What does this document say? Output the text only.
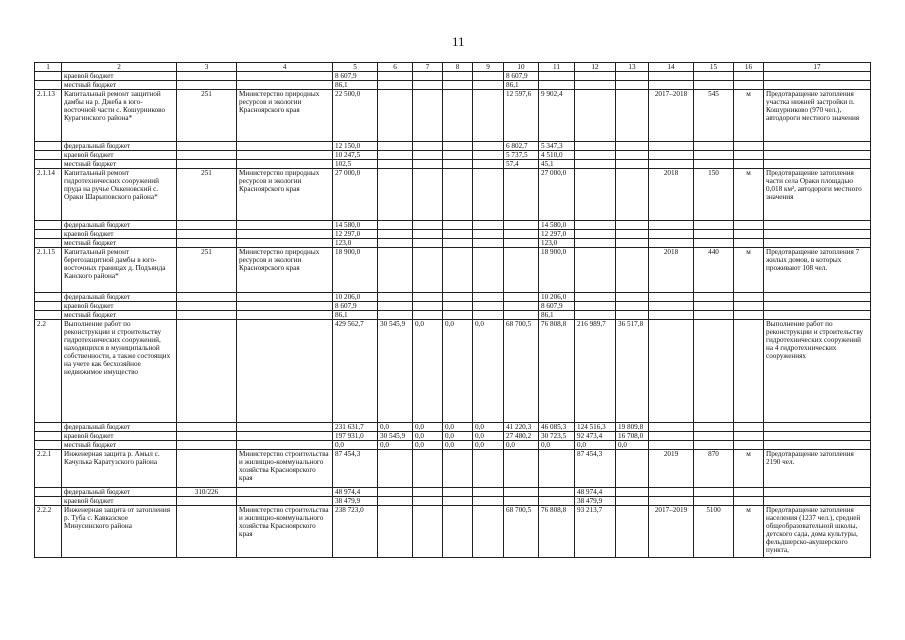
11
1	2	3	4	5	6	7	8	9	10	11	12	13	14	15	16	17
	краевой бюджет			8 607,9					8 607,9							
	местный бюджет			86,1					86,1							
2.1.13	Капитальный ремонт защитной дамбы на р. Джеба в юго-восточной части с. Кошурниково Курагинского района*	251	Министерство природных ресурсов и экологии Красноярского края	22 500,0					12 597,6	9 902,4			2017–2018	545	м	Предотвращение затопления участка нижней застройки п. Кошурниково (970 чел.), автодороги местного значения
	федеральный бюджет			12 150,0					6 802,7	5 347,3						
	краевой бюджет			10 247,5					5 737,5	4 510,0						
	местный бюджет			102,5					57,4	45,1						
2.1.14	Капитальный ремонт гидротехнических сооружений пруда на ручье Оккеновский с. Ораки Шарыповского района*	251	Министерство природных ресурсов и экологии Красноярского края	27 000,0						27 000,0			2018	150	м	Предотвращение затопления части села Ораки площадью 0,018 км², автодороги местного значения
	федеральный бюджет			14 580,0						14 580,0						
	краевой бюджет			12 297,0						12 297,0						
	местный бюджет			123,0						123,0						
2.1.15	Капитальный ремонт берегозащитной дамбы в юго-восточных границах д. Подъянда Канского района*	251	Министерство природных ресурсов и экологии Красноярского края	18 900,0						18 900,0			2018	440	м	Предотвращение затопления 7 жилых домов, в которых проживают 108 чел.
	федеральный бюджет			10 206,0						10 206,0						
	краевой бюджет			8 607,9						8 607,9						
	местный бюджет			86,1						86,1						
2.2	Выполнение работ по реконструкции и строительству гидротехнических сооружений, находящихся в муниципальной собственности, а также состоящих на учете как бесхозяйное недвижимое имущество			429 562,7	30 545,9	0,0	0,0	0,0	68 700,5	76 808,8	216 989,7	36 517,8				Выполнение работ по реконструкции и строительству гидротехнических сооружений на 4 гидротехнических сооружениях
	федеральный бюджет			231 631,7	0,0	0,0	0,0	0,0	41 220,3	46 085,3	124 516,3	19 809,8				
	краевой бюджет			197 931,0	30 545,9	0,0	0,0	0,0	27 480,2	30 723,5	92 473,4	16 708,0				
	местный бюджет			0,0	0,0	0,0	0,0	0,0	0,0	0,0	0,0	0,0				
2.2.1	Инженерная защита р. Амыл с. Качулька Каратузского района		Министерство строительства и жилищно-коммунального хозяйства Красноярского края	87 454,3							87 454,3		2019	870	м	Предотвращение затопления 2190 чел.
	федеральный бюджет	310/226		48 974,4							48 974,4					
	краевой бюджет			38 479,9							38 479,9					
2.2.2	Инженерная защита от затопления р. Туба с. Кавказское Минусинского района		Министерство строительства и жилищно-коммунального хозяйства Красноярского края	238 723,0					68 700,5	76 808,8	93 213,7		2017–2019	5100	м	Предотвращение затопления населения (1237 чел.), средней общеобразовательной школы, детского сада, дома культуры, фельдшерско-акушерского пункта,
